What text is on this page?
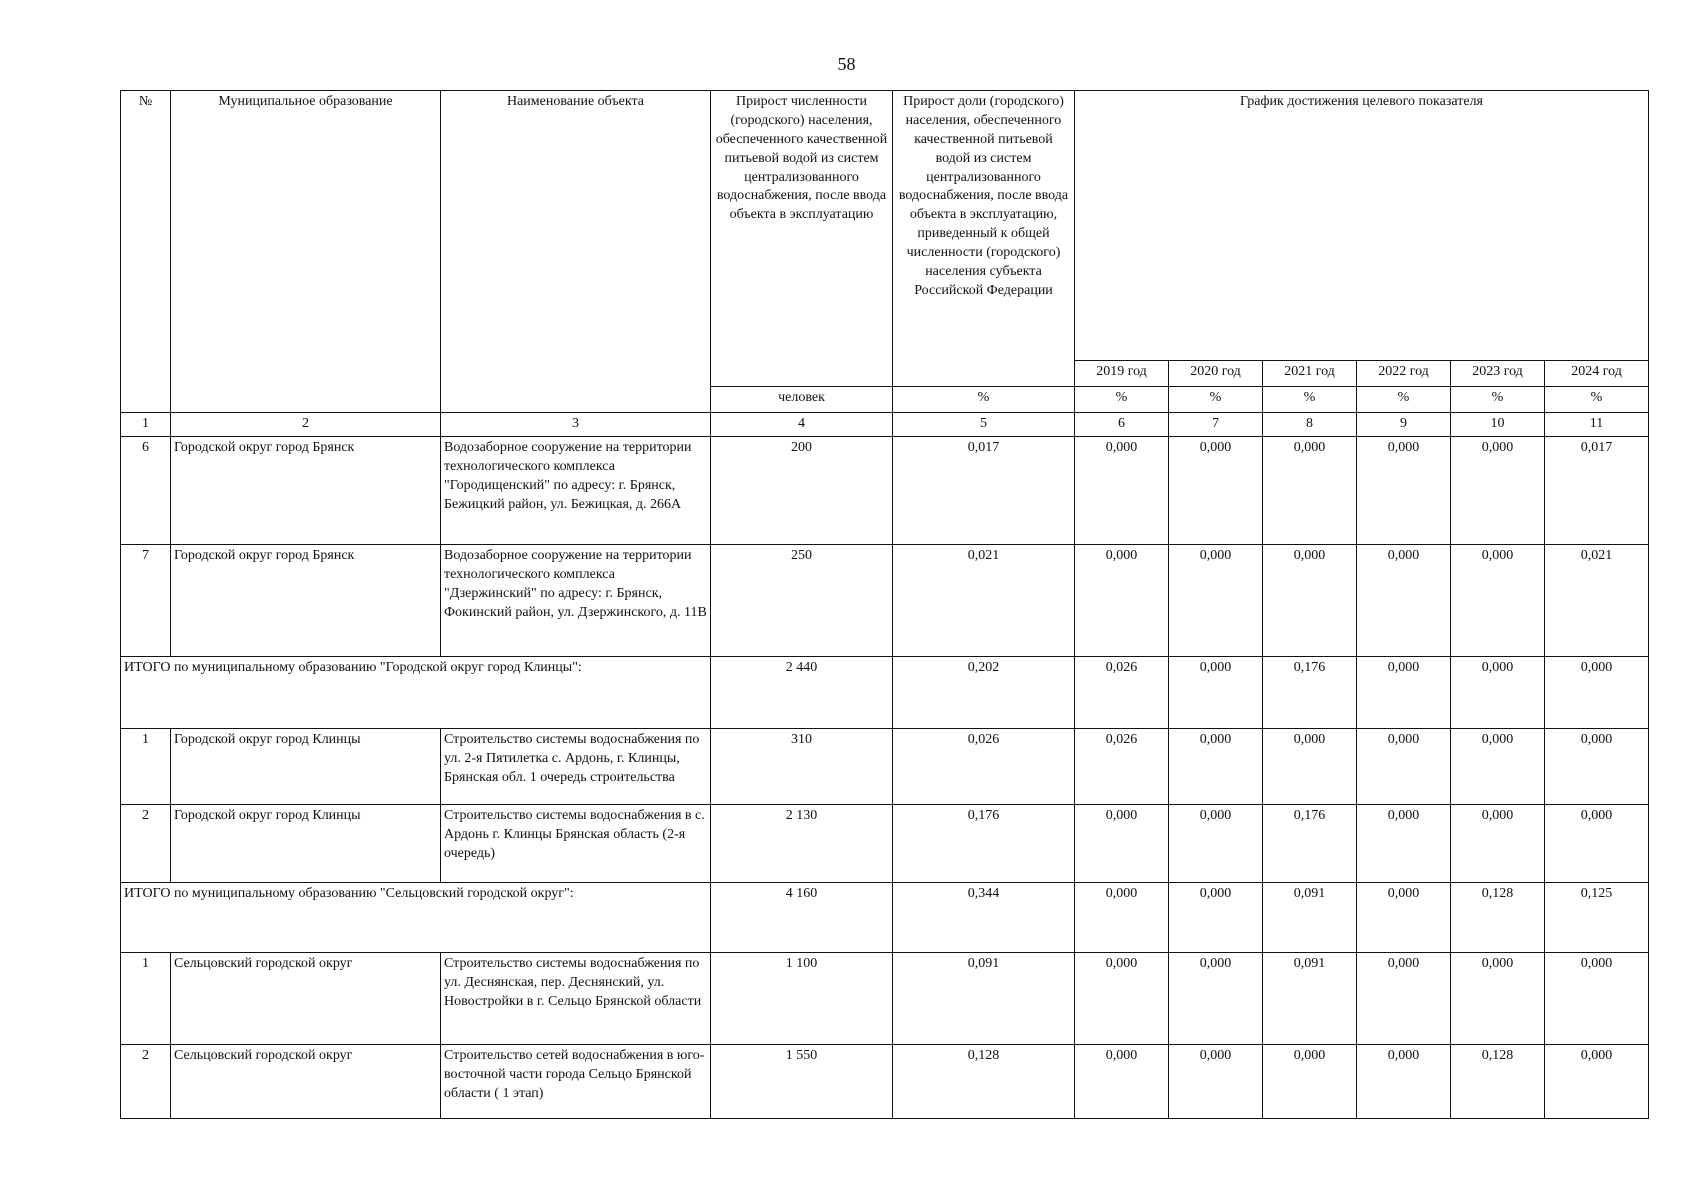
58
№	Муниципальное образование	Наименование объекта	Прирост численности (городского) населения, обеспеченного качественной питьевой водой из систем централизованного водоснабжения, после ввода объекта в эксплуатацию	Прирост доли (городского) населения, обеспеченного качественной питьевой водой из систем централизованного водоснабжения, после ввода объекта в эксплуатацию, приведенный к общей численности (городского) населения субъекта Российской Федерации	График достижения целевого показателя					
					2019 год	2020 год	2021 год	2022 год	2023 год	2024 год
			человек	%	%	%	%	%	%	%
1	2	3	4	5	6	7	8	9	10	11
6	Городской округ город Брянск	Водозаборное сооружение на территории технологического комплекса "Городищенский" по адресу: г. Брянск, Бежицкий район, ул. Бежицкая, д. 266А	200	0,017	0,000	0,000	0,000	0,000	0,000	0,017
7	Городской округ город Брянск	Водозаборное сооружение на территории технологического комплекса "Дзержинский" по адресу: г. Брянск, Фокинский район, ул. Дзержинского, д. 11В	250	0,021	0,000	0,000	0,000	0,000	0,000	0,021
ИТОГО по муниципальному образованию "Городской округ город Клинцы":			2 440	0,202	0,026	0,000	0,176	0,000	0,000	0,000
1	Городской округ город Клинцы	Строительство системы водоснабжения по ул. 2-я Пятилетка с. Ардонь, г. Клинцы, Брянская обл. 1 очередь строительства	310	0,026	0,026	0,000	0,000	0,000	0,000	0,000
2	Городской округ город Клинцы	Строительство системы водоснабжения в с. Ардонь г. Клинцы Брянская область (2-я очередь)	2 130	0,176	0,000	0,000	0,176	0,000	0,000	0,000
ИТОГО по муниципальному образованию "Сельцовский городской округ":			4 160	0,344	0,000	0,000	0,091	0,000	0,128	0,125
1	Сельцовский городской округ	Строительство системы водоснабжения по ул. Деснянская, пер. Деснянский, ул. Новостройки в г. Сельцо Брянской области	1 100	0,091	0,000	0,000	0,091	0,000	0,000	0,000
2	Сельцовский городской округ	Строительство сетей водоснабжения в юго-восточной части города Сельцо Брянской области ( 1 этап)	1 550	0,128	0,000	0,000	0,000	0,000	0,128	0,000
